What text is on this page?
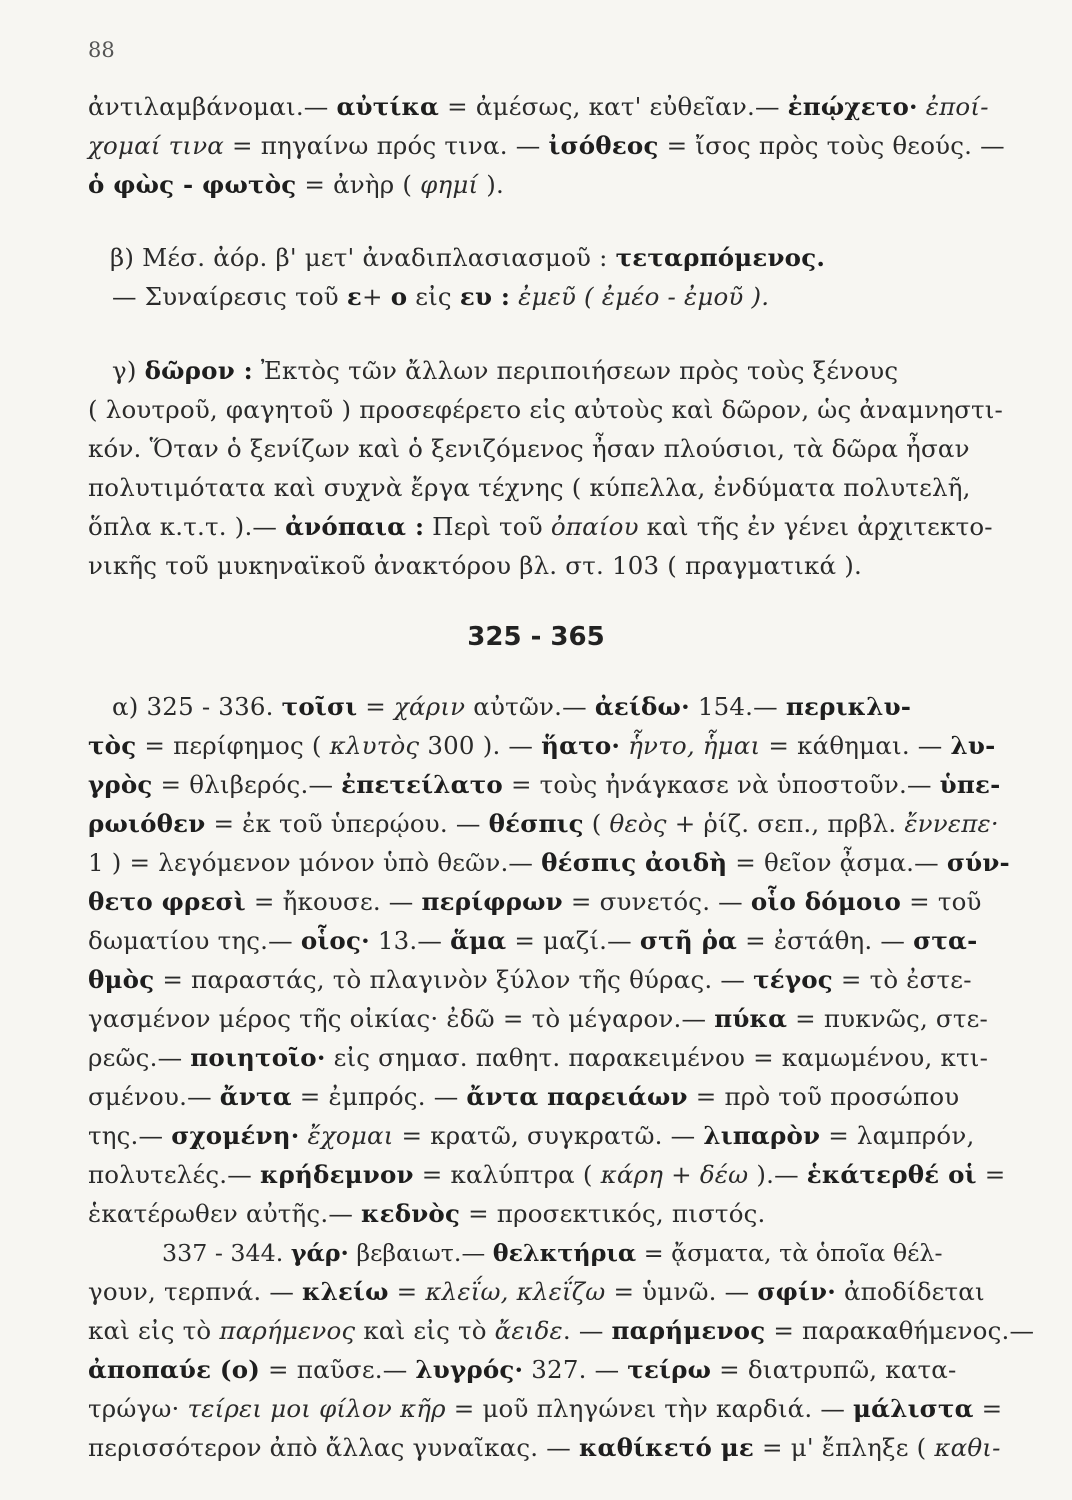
88
ἀντιλαμβάνομαι.— αὐτίκα = ἀμέσως, κατ' εὐθεῖαν.— ἐπῴχετο· ἐποί-
χομαί τινα = πηγαίνω πρός τινα. — ἰσόθεος = ἴσος πρὸς τοὺς θεούς. —
ὁ φὼς - φωτὸς = ἀνὴρ ( φημί ).
β) Μέσ. ἀόρ. β' μετ' ἀναδιπλασιασμοῦ : τεταρπόμενος.
— Συναίρεσις τοῦ ε+ ο εἰς ευ : ἐμεῦ ( ἐμέο - ἐμοῦ ).
γ) δῶρον : Ἐκτὸς τῶν ἄλλων περιποιήσεων πρὸς τοὺς ξένους
( λουτροῦ, φαγητοῦ ) προσεφέρετο εἰς αὐτοὺς καὶ δῶρον, ὡς ἀναμνηστι-
κόν. Ὅταν ὁ ξενίζων καὶ ὁ ξενιζόμενος ἦσαν πλούσιοι, τὰ δῶρα ἦσαν
πολυτιμότατα καὶ συχνὰ ἔργα τέχνης ( κύπελλα, ἐνδύματα πολυτελῆ,
ὅπλα κ.τ.τ. ).— ἀνόπαια : Περὶ τοῦ ὀπαίου καὶ τῆς ἐν γένει ἀρχιτεκτο-
νικῆς τοῦ μυκηναϊκοῦ ἀνακτόρου βλ. στ. 103 ( πραγματικά ).
325 - 365
α) 325 - 336. τοῖσι = χάριν αὐτῶν.— ἀείδω· 154.— περικλυ-
τὸς = περίφημος ( κλυτὸς 300 ). — ἥατο· ἧντο, ἧμαι = κάθημαι. — λυ-
γρὸς = θλιβερός.— ἐπετείλατο = τοὺς ἠνάγκασε νὰ ὑποστοῦν.— ὑπε-
ρωιόθεν = ἐκ τοῦ ὑπερῴου. — θέσπις ( θεὸς + ῥίζ. σεπ., πρβλ. ἔννεπε·
1 ) = λεγόμενον μόνον ὑπὸ θεῶν.— θέσπις ἀοιδὴ = θεῖον ᾆσμα.— σύν-
θετο φρεσὶ = ἤκουσε. — περίφρων = συνετός. — οἷο δόμοιο = τοῦ
δωματίου της.— οἷος· 13.— ἅμα = μαζί.— στῆ ῥα = ἐστάθη. — στα-
θμὸς = παραστάς, τὸ πλαγινὸν ξύλον τῆς θύρας. — τέγος = τὸ ἐστε-
γασμένον μέρος τῆς οἰκίας· ἐδῶ = τὸ μέγαρον.— πύκα = πυκνῶς, στε-
ρεῶς.— ποιητοῖο· εἰς σημασ. παθητ. παρακειμένου = καμωμένου, κτι-
σμένου.— ἄντα = ἐμπρός. — ἄντα παρειάων = πρὸ τοῦ προσώπου
της.— σχομένη· ἔχομαι = κρατῶ, συγκρατῶ. — λιπαρὸν = λαμπρόν,
πολυτελές.— κρήδεμνον = καλύπτρα ( κάρη + δέω ).— ἑκάτερθέ οἱ =
ἑκατέρωθεν αὐτῆς.— κεδνὸς = προσεκτικός, πιστός.
337 - 344. γάρ· βεβαιωτ.— θελκτήρια = ᾄσματα, τὰ ὁποῖα θέλ-
γουν, τερπνά. — κλείω = κλεΐω, κλεΐζω = ὑμνῶ. — σφίν· ἀποδίδεται
καὶ εἰς τὸ παρήμενος καὶ εἰς τὸ ἄειδε. — παρήμενος = παρακαθήμενος.—
ἀποπαύε (ο) = παῦσε.— λυγρός· 327. — τείρω = διατρυπῶ, κατα-
τρώγω· τείρει μοι φίλον κῆρ = μοῦ πληγώνει τὴν καρδιά. — μάλιστα =
περισσότερον ἀπὸ ἄλλας γυναῖκας. — καθίκετό με = μ' ἔπληξε ( καθι-
